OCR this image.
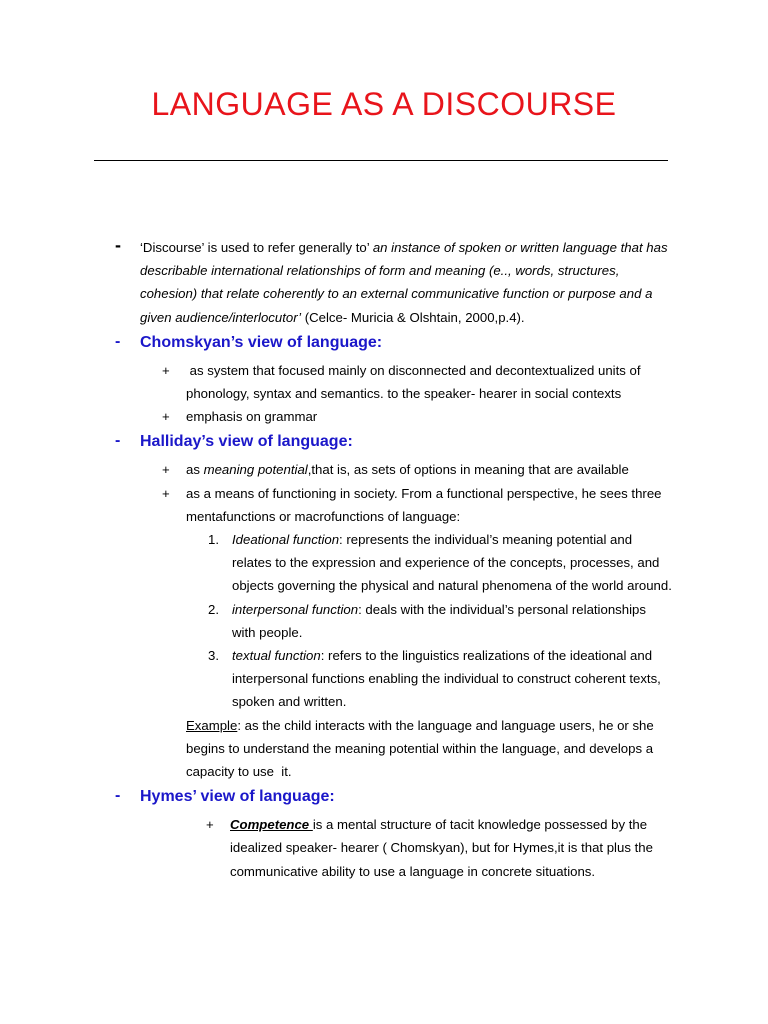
LANGUAGE AS A DISCOURSE
- ‘Discourse’ is used to refer generally to’ an instance of spoken or written language that has describable international relationships of form and meaning (e.., words, structures, cohesion) that relate coherently to an external communicative function or purpose and a given audience/interlocutor’ (Celce- Muricia & Olshtain, 2000,p.4).
- Chomskyan’s view of language:
+ as system that focused mainly on disconnected and decontextualized units of phonology, syntax and semantics. to the speaker- hearer in social contexts
+ emphasis on grammar
- Halliday’s view of language:
+ as meaning potential,that is, as sets of options in meaning that are available
+ as a means of functioning in society. From a functional perspective, he sees three mentafunctions or macrofunctions of language:
1. Ideational function: represents the individual’s meaning potential and relates to the expression and experience of the concepts, processes, and objects governing the physical and natural phenomena of the world around.
2. interpersonal function: deals with the individual’s personal relationships with people.
3. textual function: refers to the linguistics realizations of the ideational and interpersonal functions enabling the individual to construct coherent texts, spoken and written.
Example: as the child interacts with the language and language users, he or she begins to understand the meaning potential within the language, and develops a capacity to use  it.
- Hymes’ view of language:
+ Competence is a mental structure of tacit knowledge possessed by the idealized speaker- hearer ( Chomskyan), but for Hymes,it is that plus the communicative ability to use a language in concrete situations.
